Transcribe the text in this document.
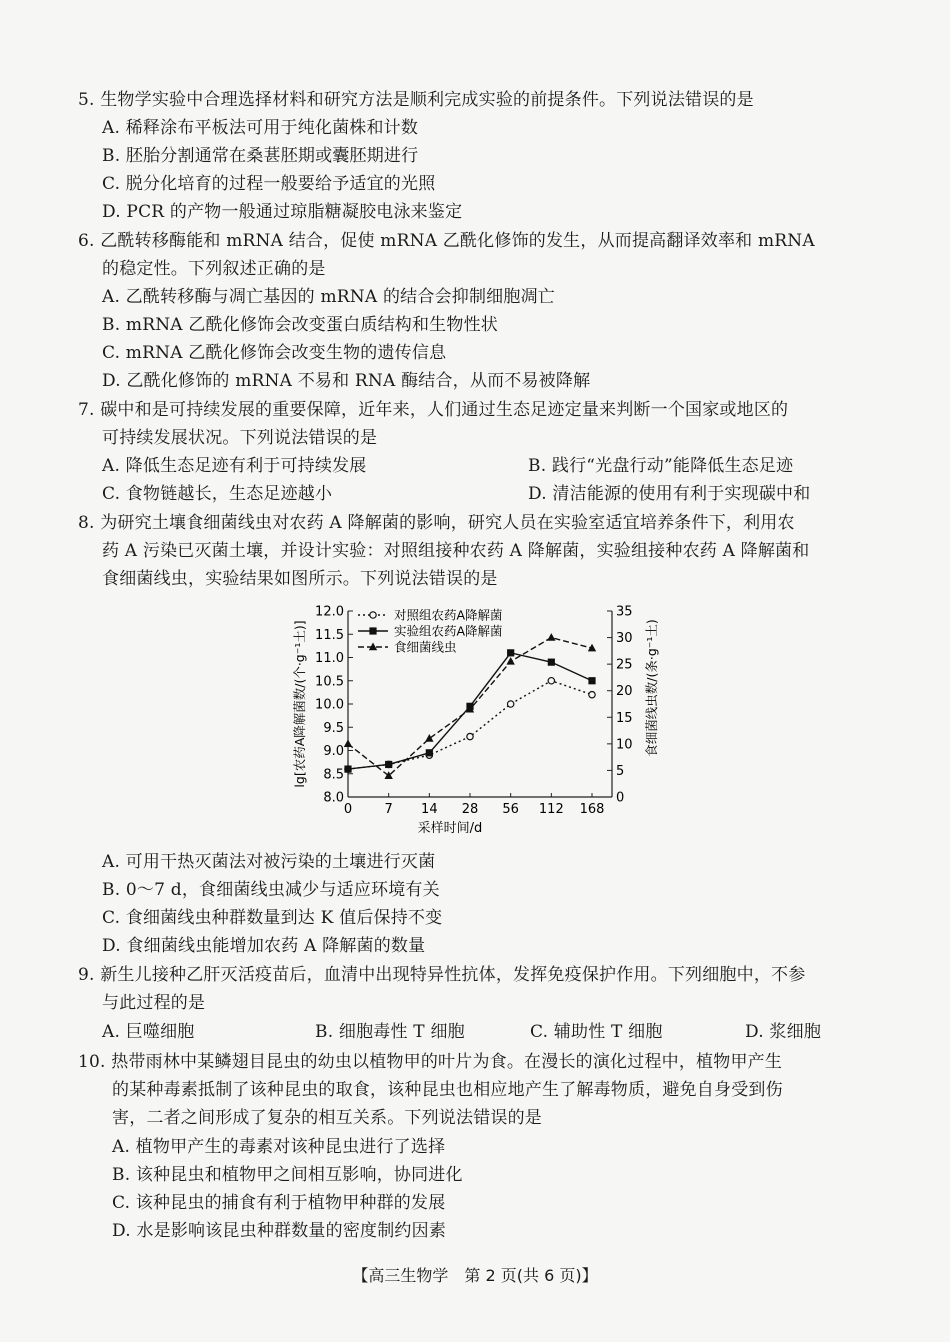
5. 生物学实验中合理选择材料和研究方法是顺利完成实验的前提条件。下列说法错误的是
A. 稀释涂布平板法可用于纯化菌株和计数
B. 胚胎分割通常在桑葚胚期或囊胚期进行
C. 脱分化培育的过程一般要给予适宜的光照
D. PCR 的产物一般通过琼脂糖凝胶电泳来鉴定
6. 乙酰转移酶能和 mRNA 结合，促使 mRNA 乙酰化修饰的发生，从而提高翻译效率和 mRNA
的稳定性。下列叙述正确的是
A. 乙酰转移酶与凋亡基因的 mRNA 的结合会抑制细胞凋亡
B. mRNA 乙酰化修饰会改变蛋白质结构和生物性状
C. mRNA 乙酰化修饰会改变生物的遗传信息
D. 乙酰化修饰的 mRNA 不易和 RNA 酶结合，从而不易被降解
7. 碳中和是可持续发展的重要保障，近年来，人们通过生态足迹定量来判断一个国家或地区的
可持续发展状况。下列说法错误的是
A. 降低生态足迹有利于可持续发展	B. 践行“光盘行动”能降低生态足迹
C. 食物链越长，生态足迹越小	D. 清洁能源的使用有利于实现碳中和
8. 为研究土壤食细菌线虫对农药 A 降解菌的影响，研究人员在实验室适宜培养条件下，利用农
药 A 污染已灭菌土壤，并设计实验：对照组接种农药 A 降解菌，实验组接种农药 A 降解菌和
食细菌线虫，实验结果如图所示。下列说法错误的是
8.0
8.5
9.0
9.5
10.0
10.5
11.0
11.5
12.0
0
5
10
15
20
25
30
35
0 7 14 28 56 112 168
对照组农药A降解菌
实验组农药A降解菌
食细菌线虫
采样时间/d
lg[农药A降解菌数/(个·g⁻¹土)]	食细菌线虫数/(条·g⁻¹土)
A. 可用干热灭菌法对被污染的土壤进行灭菌
B. 0～7 d，食细菌线虫减少与适应环境有关
C. 食细菌线虫种群数量到达 K 值后保持不变
D. 食细菌线虫能增加农药 A 降解菌的数量
9. 新生儿接种乙肝灭活疫苗后，血清中出现特异性抗体，发挥免疫保护作用。下列细胞中，不参
与此过程的是
A. 巨噬细胞	B. 细胞毒性 T 细胞	C. 辅助性 T 细胞	D. 浆细胞
10. 热带雨林中某鳞翅目昆虫的幼虫以植物甲的叶片为食。在漫长的演化过程中，植物甲产生
的某种毒素抵制了该种昆虫的取食，该种昆虫也相应地产生了解毒物质，避免自身受到伤
害，二者之间形成了复杂的相互关系。下列说法错误的是
A. 植物甲产生的毒素对该种昆虫进行了选择
B. 该种昆虫和植物甲之间相互影响，协同进化
C. 该种昆虫的捕食有利于植物甲种群的发展
D. 水是影响该昆虫种群数量的密度制约因素
【高三生物学　第 2 页(共 6 页)】
